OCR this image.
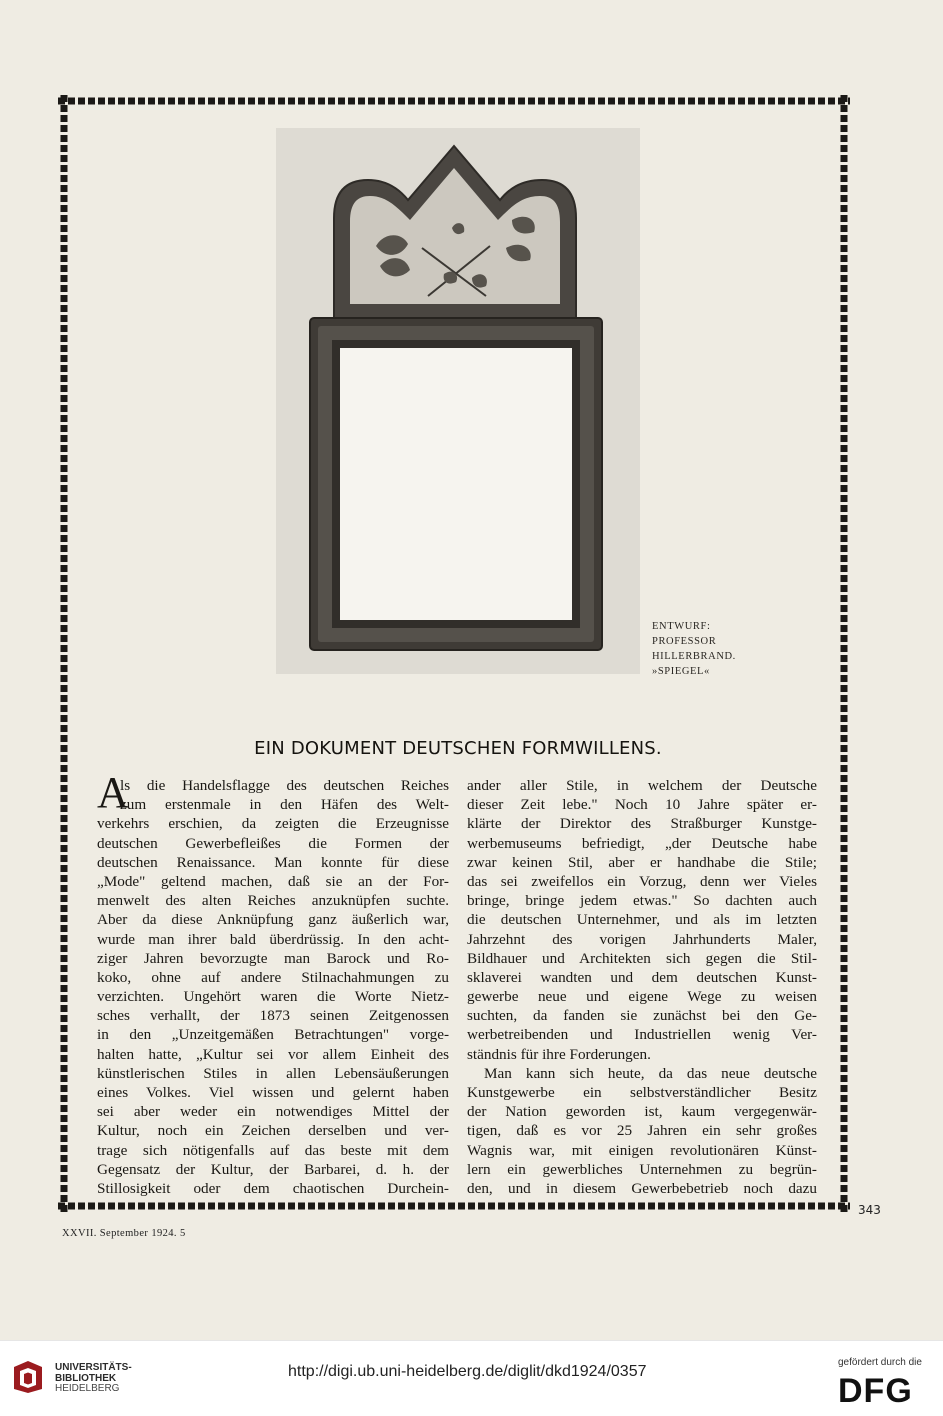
ENTWURF:
PROFESSOR
HILLERBRAND.
»SPIEGEL«
EIN DOKUMENT DEUTSCHEN FORMWILLENS.
A
ls die Handelsflagge des deutschen Reiches
zum erstenmale in den Häfen des Welt-
verkehrs erschien, da zeigten die Erzeugnisse
deutschen Gewerbefleißes die Formen der
deutschen Renaissance. Man konnte für diese
„Mode" geltend machen, daß sie an der For-
menwelt des alten Reiches anzuknüpfen suchte.
Aber da diese Anknüpfung ganz äußerlich war,
wurde man ihrer bald überdrüssig. In den acht-
ziger Jahren bevorzugte man Barock und Ro-
koko, ohne auf andere Stilnachahmungen zu
verzichten. Ungehört waren die Worte Nietz-
sches verhallt, der 1873 seinen Zeitgenossen
in den „Unzeitgemäßen Betrachtungen" vorge-
halten hatte, „Kultur sei vor allem Einheit des
künstlerischen Stiles in allen Lebensäußerungen
eines Volkes. Viel wissen und gelernt haben
sei aber weder ein notwendiges Mittel der
Kultur, noch ein Zeichen derselben und ver-
trage sich nötigenfalls auf das beste mit dem
Gegensatz der Kultur, der Barbarei, d. h. der
Stillosigkeit oder dem chaotischen Durchein-
ander aller Stile, in welchem der Deutsche
dieser Zeit lebe." Noch 10 Jahre später er-
klärte der Direktor des Straßburger Kunstge-
werbemuseums befriedigt, „der Deutsche habe
zwar keinen Stil, aber er handhabe die Stile;
das sei zweifellos ein Vorzug, denn wer Vieles
bringe, bringe jedem etwas." So dachten auch
die deutschen Unternehmer, und als im letzten
Jahrzehnt des vorigen Jahrhunderts Maler,
Bildhauer und Architekten sich gegen die Stil-
sklaverei wandten und dem deutschen Kunst-
gewerbe neue und eigene Wege zu weisen
suchten, da fanden sie zunächst bei den Ge-
werbetreibenden und Industriellen wenig Ver-
ständnis für ihre Forderungen.
Man kann sich heute, da das neue deutsche
Kunstgewerbe ein selbstverständlicher Besitz
der Nation geworden ist, kaum vergegenwär-
tigen, daß es vor 25 Jahren ein sehr großes
Wagnis war, mit einigen revolutionären Künst-
lern ein gewerbliches Unternehmen zu begrün-
den, und in diesem Gewerbebetrieb noch dazu
343
XXVII. September 1924. 5
UNIVERSITÄTS-
BIBLIOTHEK
HEIDELBERG
http://digi.ub.uni-heidelberg.de/diglit/dkd1924/0357
gefördert durch die
DFG
